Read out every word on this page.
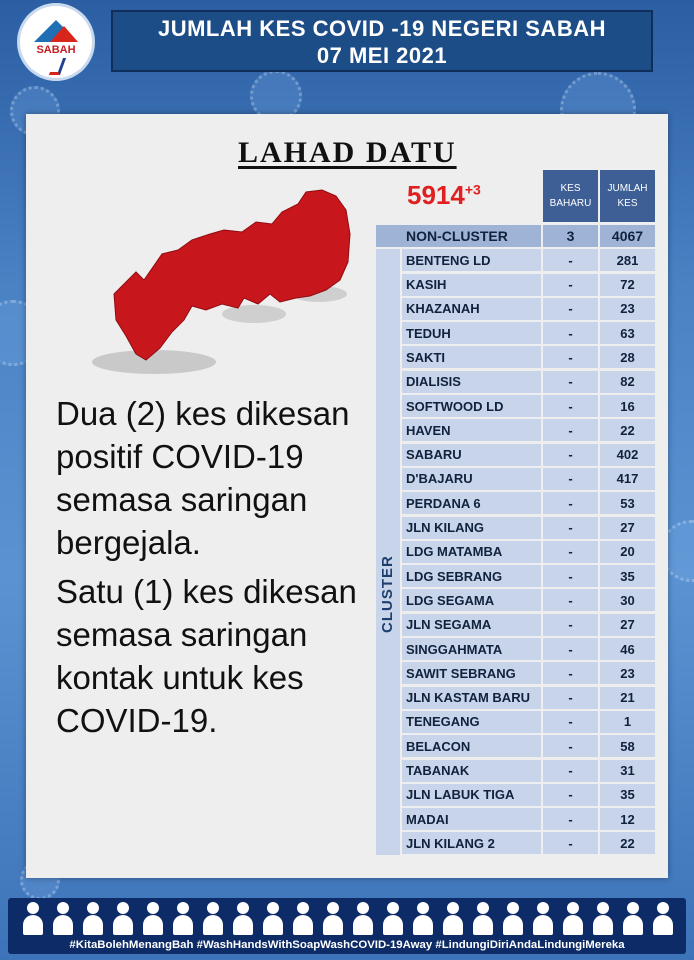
SABAH
JUMLAH KES COVID -19 NEGERI SABAH
07 MEI 2021
LAHAD DATU
$5914^{+3}$	KES BAHARU
JUMLAH KES
CLUSTER
NON-CLUSTER	3	4067
BENTENG LD	-	281
KASIH	-	72
KHAZANAH	-	23
TEDUH	-	63
SAKTI	-	28
DIALISIS	-	82
SOFTWOOD LD	-	16
HAVEN	-	22
SABARU	-	402
D'BAJARU	-	417
PERDANA 6	-	53
JLN KILANG	-	27
LDG MATAMBA	-	20
LDG SEBRANG	-	35
LDG SEGAMA	-	30
JLN SEGAMA	-	27
SINGGAHMATA	-	46
SAWIT SEBRANG	-	23
JLN KASTAM BARU	-	21
TENEGANG	-	1
BELACON	-	58
TABANAK	-	31
JLN LABUK TIGA	-	35
MADAI	-	12
JLN KILANG 2	-	22

Dua (2) kes dikesan positif COVID-19 semasa saringan bergejala.

Satu (1) kes dikesan semasa saringan kontak untuk kes COVID-19.

#KitaBolehMenangBah #WashHandsWithSoapWashCOVID-19Away #LindungiDiriAndaLindungiMereka
